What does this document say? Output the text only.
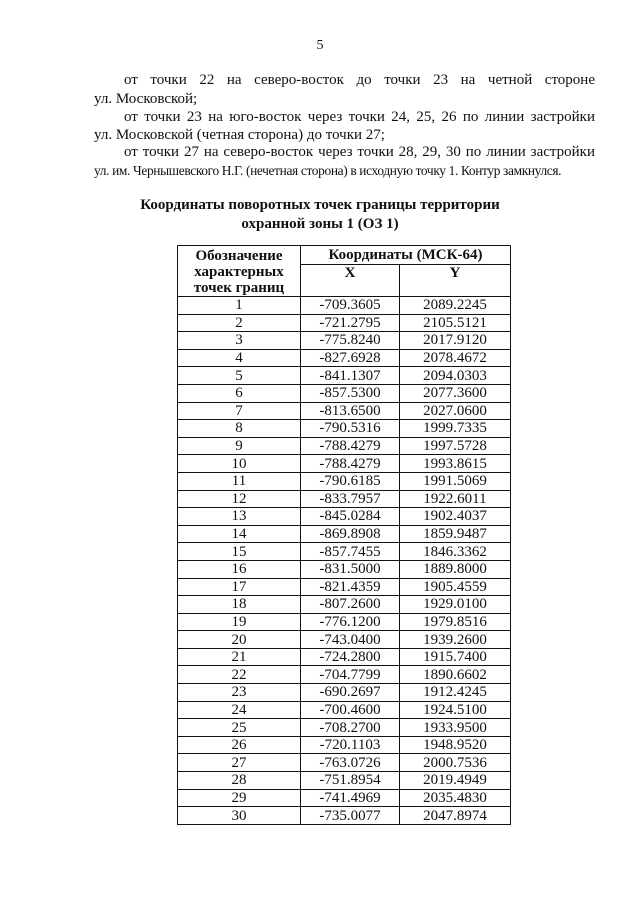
5
от точки 22 на северо-восток до точки 23 на четной стороне
ул. Московской;
от точки 23 на юго-восток через точки 24, 25, 26 по линии застройки
ул. Московской (четная сторона) до точки 27;
от точки 27 на северо-восток через точки 28, 29, 30 по линии застройки
ул. им. Чернышевского Н.Г. (нечетная сторона) в исходную точку 1. Контур замкнулся.
Координаты поворотных точек границы территории
охранной зоны 1 (ОЗ 1)
Обозначение
характерных
точек границ	Координаты (МСК-64)	
	X	Y
1	-709.3605	2089.2245
2	-721.2795	2105.5121
3	-775.8240	2017.9120
4	-827.6928	2078.4672
5	-841.1307	2094.0303
6	-857.5300	2077.3600
7	-813.6500	2027.0600
8	-790.5316	1999.7335
9	-788.4279	1997.5728
10	-788.4279	1993.8615
11	-790.6185	1991.5069
12	-833.7957	1922.6011
13	-845.0284	1902.4037
14	-869.8908	1859.9487
15	-857.7455	1846.3362
16	-831.5000	1889.8000
17	-821.4359	1905.4559
18	-807.2600	1929.0100
19	-776.1200	1979.8516
20	-743.0400	1939.2600
21	-724.2800	1915.7400
22	-704.7799	1890.6602
23	-690.2697	1912.4245
24	-700.4600	1924.5100
25	-708.2700	1933.9500
26	-720.1103	1948.9520
27	-763.0726	2000.7536
28	-751.8954	2019.4949
29	-741.4969	2035.4830
30	-735.0077	2047.8974
